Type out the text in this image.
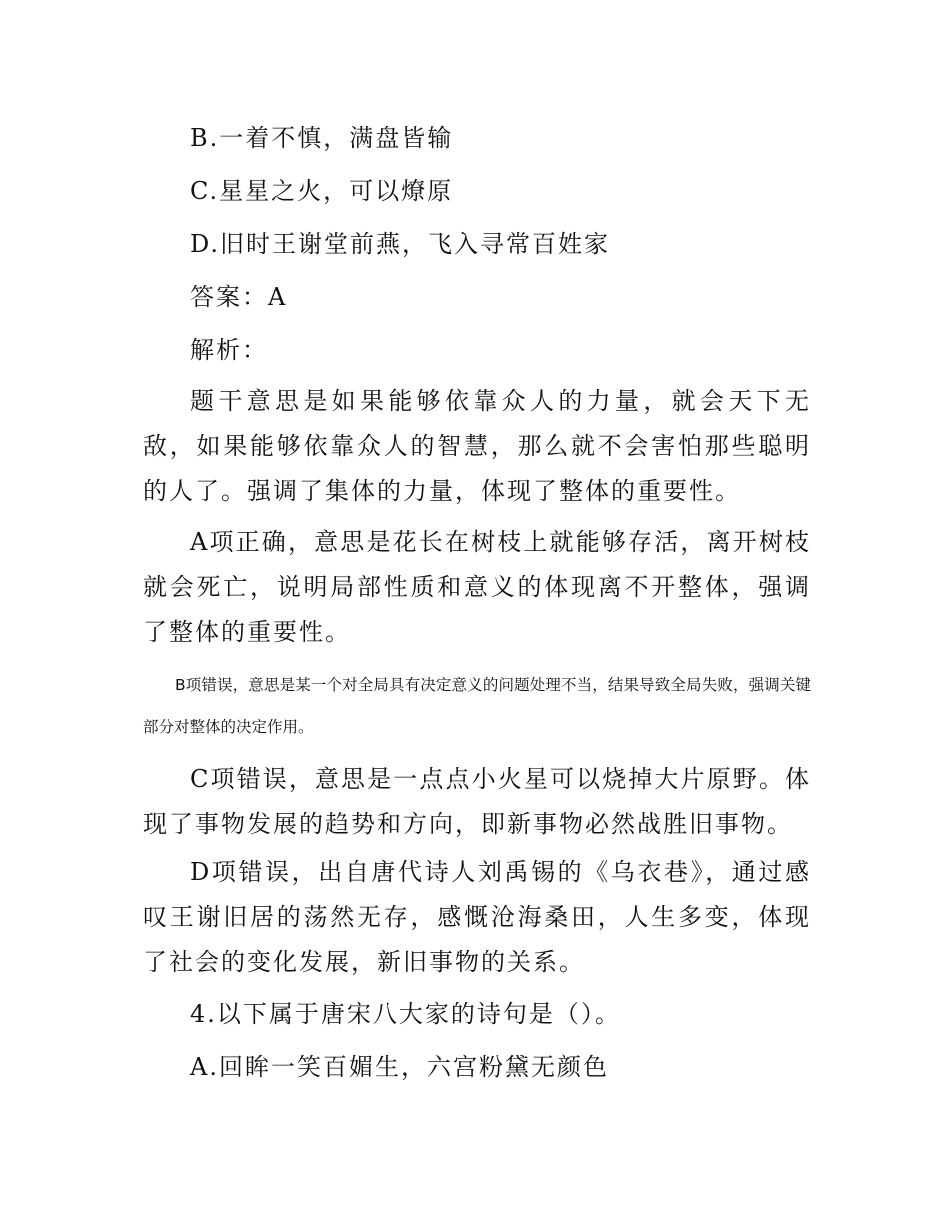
B.一着不慎，满盘皆输
C.星星之火，可以燎原
D.旧时王谢堂前燕，飞入寻常百姓家
答案：A
解析：
题干意思是如果能够依靠众人的力量，就会天下无敌，如果能够依靠众人的智慧，那么就不会害怕那些聪明的人了。强调了集体的力量，体现了整体的重要性。
A项正确，意思是花长在树枝上就能够存活，离开树枝就会死亡，说明局部性质和意义的体现离不开整体，强调了整体的重要性。
B项错误，意思是某一个对全局具有决定意义的问题处理不当，结果导致全局失败，强调关键部分对整体的决定作用。
C项错误，意思是一点点小火星可以烧掉大片原野。体现了事物发展的趋势和方向，即新事物必然战胜旧事物。
D项错误，出自唐代诗人刘禹锡的《乌衣巷》，通过感叹王谢旧居的荡然无存，感慨沧海桑田，人生多变，体现了社会的变化发展，新旧事物的关系。
4.以下属于唐宋八大家的诗句是（）。
A.回眸一笑百媚生，六宫粉黛无颜色
